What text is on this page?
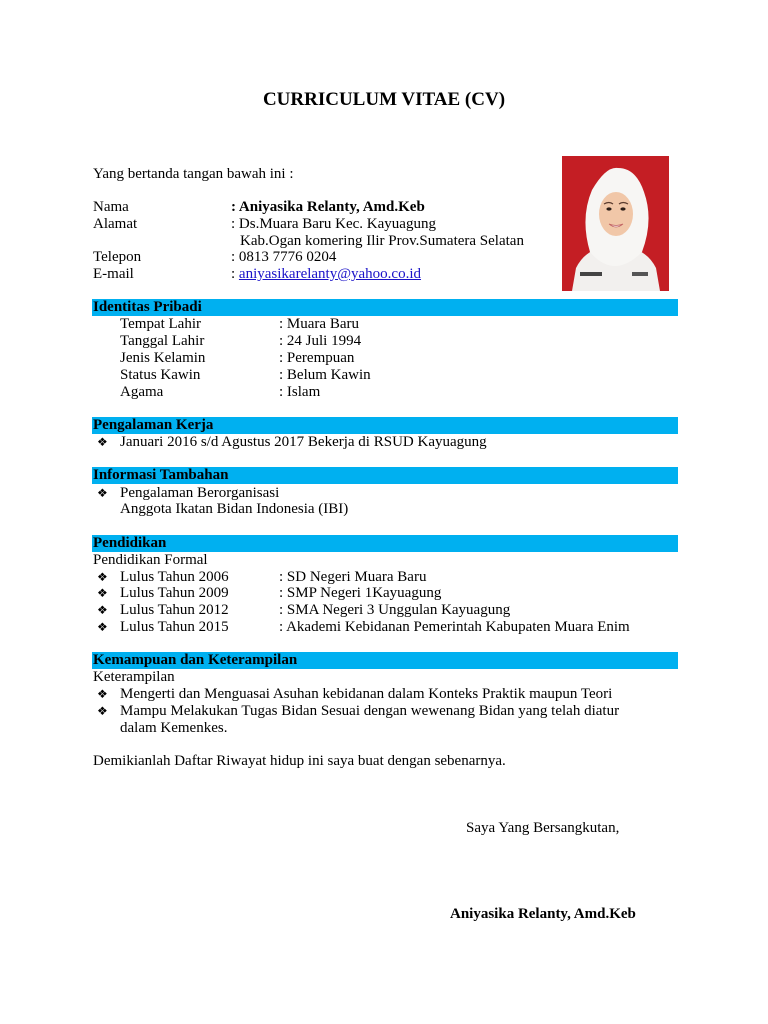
CURRICULUM VITAE (CV)
Yang bertanda tangan bawah ini :
Nama	: Aniyasika Relanty, Amd.Keb
Alamat	: Ds.Muara Baru Kec. Kayuagung
Kab.Ogan komering Ilir Prov.Sumatera Selatan
Telepon	: 0813 7776 0204
E-mail	: aniyasikarelanty@yahoo.co.id
Identitas Pribadi
Tempat Lahir	: Muara Baru
Tanggal Lahir	: 24 Juli 1994
Jenis Kelamin	: Perempuan
Status Kawin	: Belum Kawin
Agama	: Islam
Pengalaman Kerja
❖ Januari 2016 s/d Agustus 2017 Bekerja di RSUD Kayuagung
Informasi Tambahan
❖ Pengalaman Berorganisasi
Anggota Ikatan Bidan Indonesia (IBI)
Pendidikan
Pendidikan Formal
❖ Lulus Tahun 2006	: SD Negeri Muara Baru
❖ Lulus Tahun 2009	: SMP Negeri 1Kayuagung
❖ Lulus Tahun 2012	: SMA Negeri 3 Unggulan Kayuagung
❖ Lulus Tahun 2015	: Akademi Kebidanan Pemerintah Kabupaten Muara Enim
Kemampuan dan Keterampilan
Keterampilan
❖ Mengerti dan Menguasai Asuhan kebidanan dalam Konteks Praktik maupun Teori
❖ Mampu Melakukan Tugas Bidan Sesuai dengan wewenang Bidan yang telah diatur
dalam Kemenkes.
Demikianlah Daftar Riwayat hidup ini saya buat dengan sebenarnya.
Saya Yang Bersangkutan,
Aniyasika Relanty, Amd.Keb
